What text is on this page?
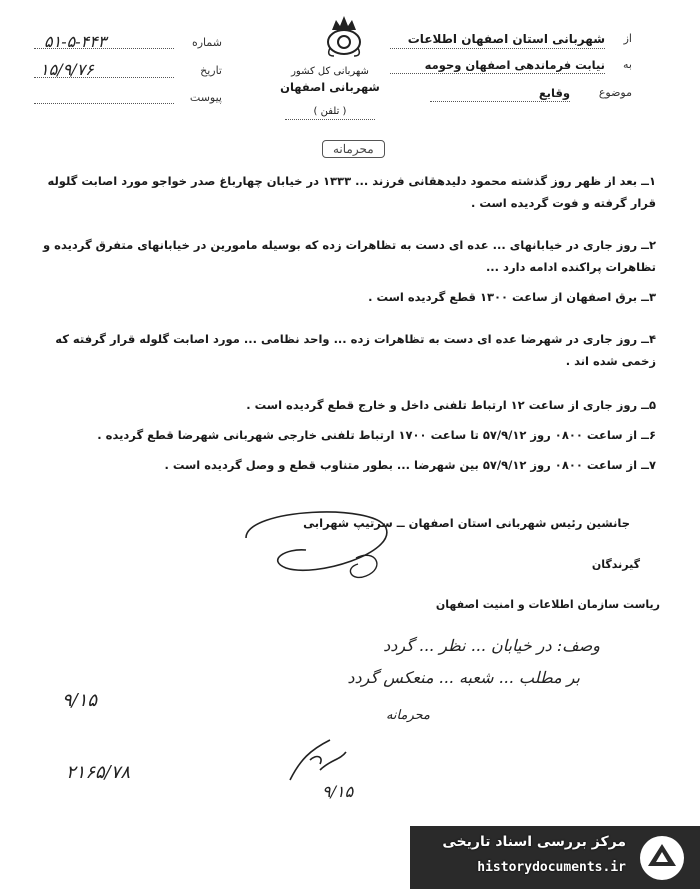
شماره
۵۱-۵-۴۴۳
تاریخ
۱۵/۹/۷۶
پیوست
شهربانی کل کشور
شهربانی اصفهان
( تلفن )
از
شهربانی استان اصفهان اطلاعات
به
نیابت فرماندهی اصفهان وحومه
موضوع
وقایع
محرمانه
۱ــ بعد از ظهر روز گذشته محمود دلیدهقانی فرزند ... ۱۳۳۳ در خیابان چهارباغ صدر خواجو مورد اصابت گلوله قرار گرفته و فوت گردیده است .
۲ــ روز جاری در خیابانهای ... عده ای دست به تظاهرات زده که بوسیله مامورین در خیابانهای متفرق گردیده و تظاهرات پراکنده ادامه دارد ...
۳ــ برق اصفهان از ساعت ۱۳۰۰ قطع گردیده است .
۴ــ روز جاری در شهرضا عده ای دست به تظاهرات زده ... واحد نظامی ... مورد اصابت گلوله قرار گرفته که زخمی شده اند .
۵ــ روز جاری از ساعت ۱۲ ارتباط تلفنی داخل و خارج قطع گردیده است .
۶ــ از ساعت ۰۸۰۰ روز ۵۷/۹/۱۲ تا ساعت ۱۷۰۰ ارتباط تلفنی خارجی شهربانی شهرضا قطع گردیده .
۷ــ از ساعت ۰۸۰۰ روز ۵۷/۹/۱۲ بین شهرضا ... بطور متناوب قطع و وصل گردیده است .
جانشین رئیس شهربانی استان اصفهان ــ سرتیپ شهرابی
گیرندگان
ریاست سازمان اطلاعات و امنیت اصفهان
وصف: در خیابان ... نظر ... گردد
بر مطلب ... شعبه ... منعکس گردد
۹/۱۵
محرمانه
۲۱۶۵/۷۸
۹/۱۵
مرکز بررسی اسناد تاریخی
historydocuments.ir
